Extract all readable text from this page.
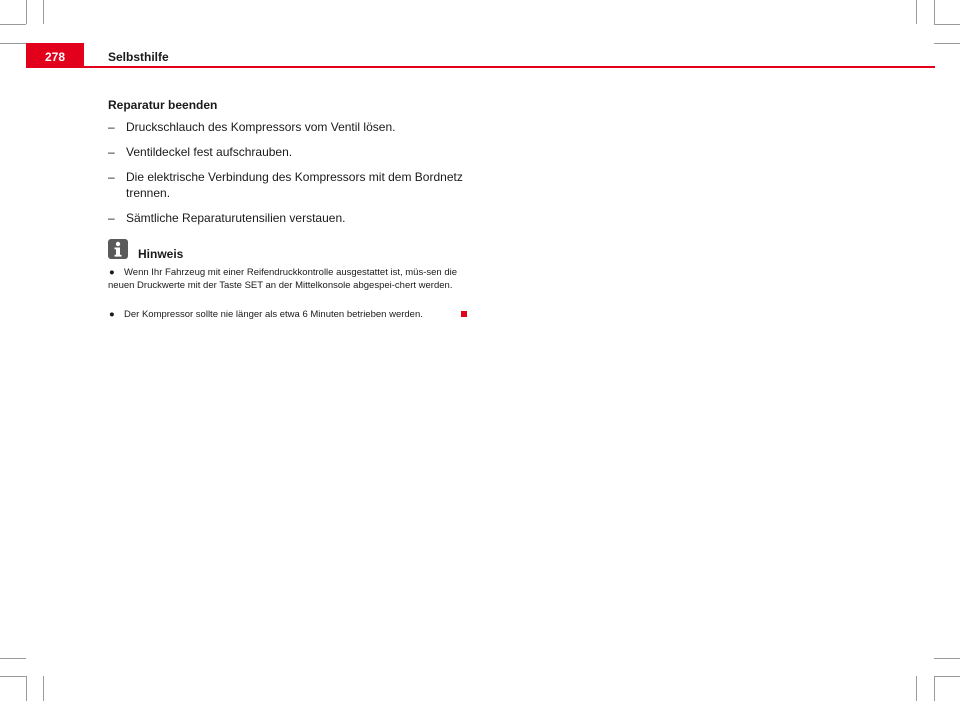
278	Selbsthilfe
Reparatur beenden
– Druckschlauch des Kompressors vom Ventil lösen.
– Ventildeckel fest aufschrauben.
– Die elektrische Verbindung des Kompressors mit dem Bordnetz trennen.
– Sämtliche Reparaturutensilien verstauen.
Hinweis
● Wenn Ihr Fahrzeug mit einer Reifendruckkontrolle ausgestattet ist, müs-sen die neuen Druckwerte mit der Taste SET an der Mittelkonsole abgespei-chert werden.
● Der Kompressor sollte nie länger als etwa 6 Minuten betrieben werden.
